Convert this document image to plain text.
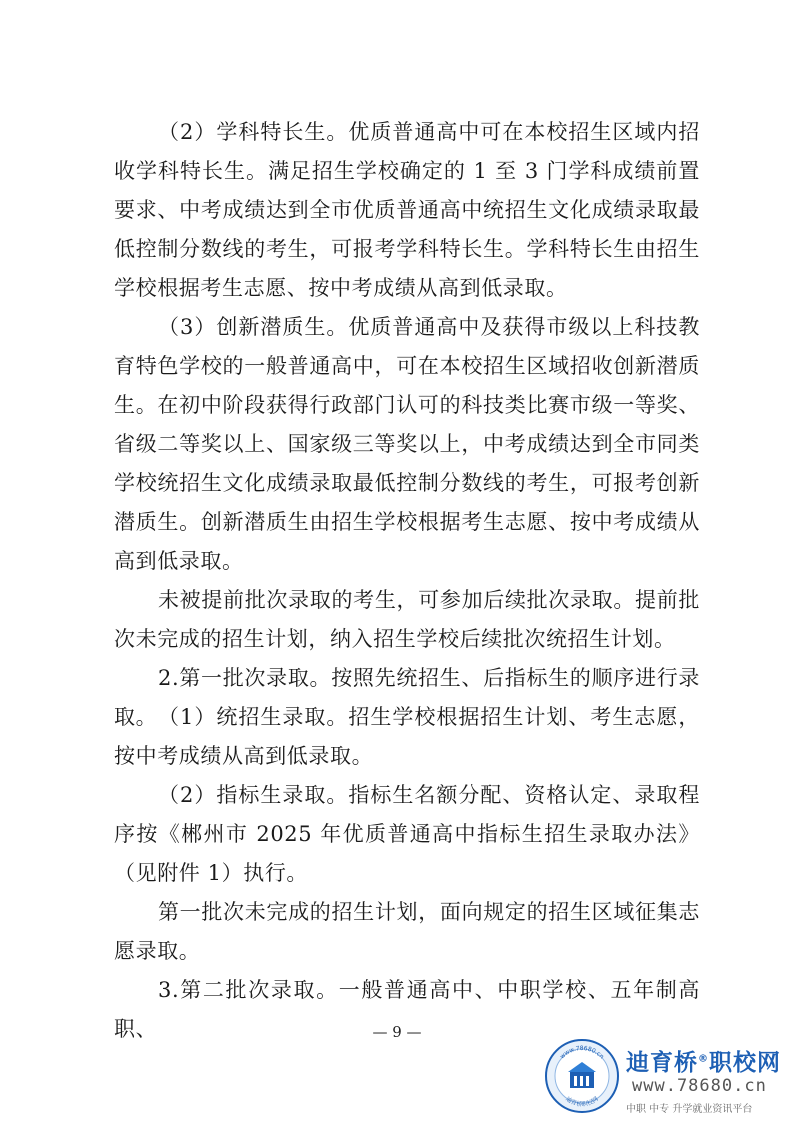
（2）学科特长生。优质普通高中可在本校招生区域内招收学科特长生。满足招生学校确定的 1 至 3 门学科成绩前置要求、中考成绩达到全市优质普通高中统招生文化成绩录取最低控制分数线的考生，可报考学科特长生。学科特长生由招生学校根据考生志愿、按中考成绩从高到低录取。

（3）创新潜质生。优质普通高中及获得市级以上科技教育特色学校的一般普通高中，可在本校招生区域招收创新潜质生。在初中阶段获得行政部门认可的科技类比赛市级一等奖、省级二等奖以上、国家级三等奖以上，中考成绩达到全市同类学校统招生文化成绩录取最低控制分数线的考生，可报考创新潜质生。创新潜质生由招生学校根据考生志愿、按中考成绩从高到低录取。

未被提前批次录取的考生，可参加后续批次录取。提前批次未完成的招生计划，纳入招生学校后续批次统招生计划。

2.第一批次录取。按照先统招生、后指标生的顺序进行录取。 （1）统招生录取。招生学校根据招生计划、考生志愿，按中考成绩从高到低录取。

（2）指标生录取。指标生名额分配、资格认定、录取程序按《郴州市 2025 年优质普通高中指标生招生录取办法》（见附件 1）执行。

第一批次未完成的招生计划，面向规定的招生区域征集志愿录取。

3.第二批次录取。一般普通高中、中职学校、五年制高职、	— 9 —
www.78680.cn
迪育桥职校网
迪育桥®职校网
www.78680.cn
中职 中专 升学就业资讯平台
